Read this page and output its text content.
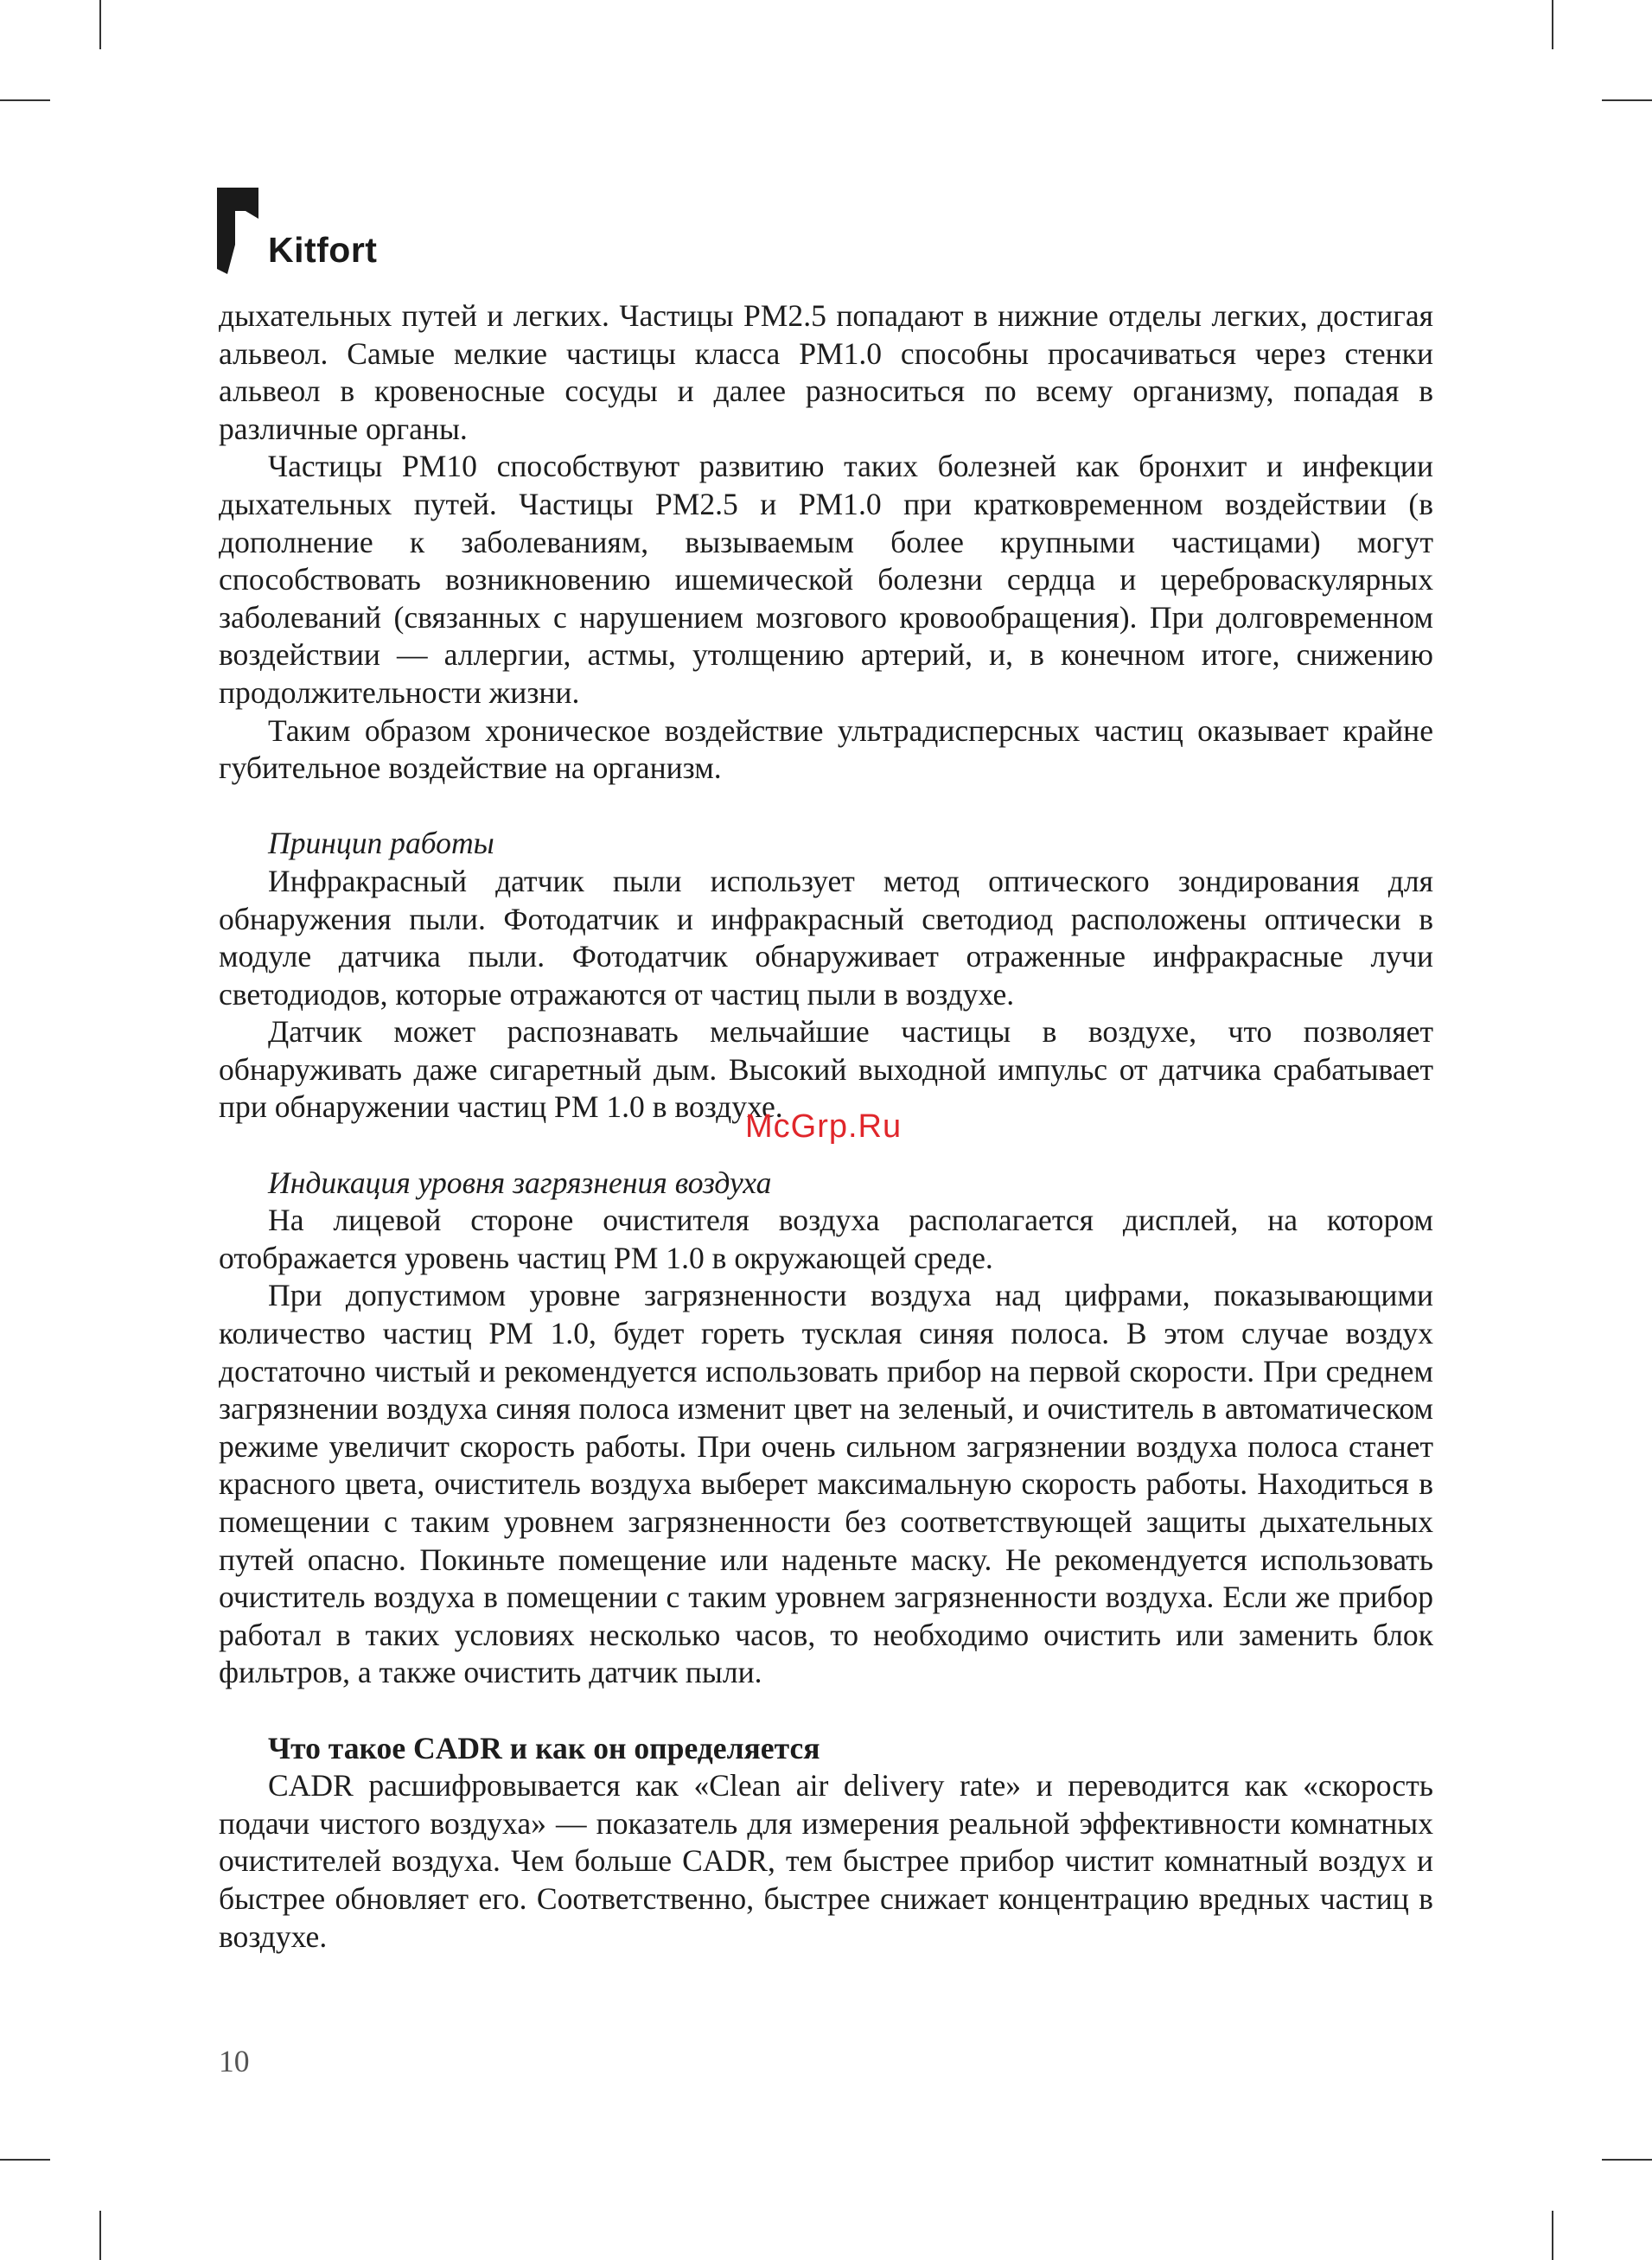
Kitfort

дыхательных путей и легких. Частицы PM2.5 попадают в нижние отделы легких, достигая альвеол. Самые мелкие частицы класса PM1.0 способны просачиваться через стенки альвеол в кровеносные сосуды и далее разноситься по всему организму, попадая в различные органы.

Частицы PM10 способствуют развитию таких болезней как бронхит и инфекции дыхательных путей. Частицы PM2.5 и PM1.0 при кратковременном воздействии (в дополнение к заболеваниям, вызываемым более крупными частицами) могут способствовать возникновению ишемической болезни сердца и цереброваскулярных заболеваний (связанных с нарушением мозгового кровообращения). При долговременном воздействии — аллергии, астмы, утолщению артерий, и, в конечном итоге, снижению продолжительности жизни.

Таким образом хроническое воздействие ультрадисперсных частиц оказывает крайне губительное воздействие на организм.

Принцип работы

Инфракрасный датчик пыли использует метод оптического зондирования для обнаружения пыли. Фотодатчик и инфракрасный светодиод расположены оптически в модуле датчика пыли. Фотодатчик обнаруживает отраженные инфракрасные лучи светодиодов, которые отражаются от частиц пыли в воздухе.

Датчик может распознавать мельчайшие частицы в воздухе, что позволяет обнаруживать даже сигаретный дым. Высокий выходной импульс от датчика срабатывает при обнаружении частиц PM 1.0 в воздухе.

Индикация уровня загрязнения воздуха

На лицевой стороне очистителя воздуха располагается дисплей, на котором отображается уровень частиц PM 1.0 в окружающей среде.

При допустимом уровне загрязненности воздуха над цифрами, показывающими количество частиц PM 1.0, будет гореть тусклая синяя полоса. В этом случае воздух достаточно чистый и рекомендуется использовать прибор на первой скорости. При среднем загрязнении воздуха синяя полоса изменит цвет на зеленый, и очиститель в автоматическом режиме увеличит скорость работы. При очень сильном загрязнении воздуха полоса станет красного цвета, очиститель воздуха выберет максимальную скорость работы. Находиться в помещении с таким уровнем загрязненности без соответствующей защиты дыхательных путей опасно. Покиньте помещение или наденьте маску. Не рекомендуется использовать очиститель воздуха в помещении с таким уровнем загрязненности воздуха. Если же прибор работал в таких условиях несколько часов, то необходимо очистить или заменить блок фильтров, а также очистить датчик пыли.

Что такое CADR и как он определяется

CADR расшифровывается как «Clean air delivery rate» и переводится как «скорость подачи чистого воздуха» — показатель для измерения реальной эффективности комнатных очистителей воздуха. Чем больше CADR, тем быстрее прибор чистит комнатный воздух и быстрее обновляет его. Соответственно, быстрее снижает концентрацию вредных частиц в воздухе.

McGrp.Ru
10
